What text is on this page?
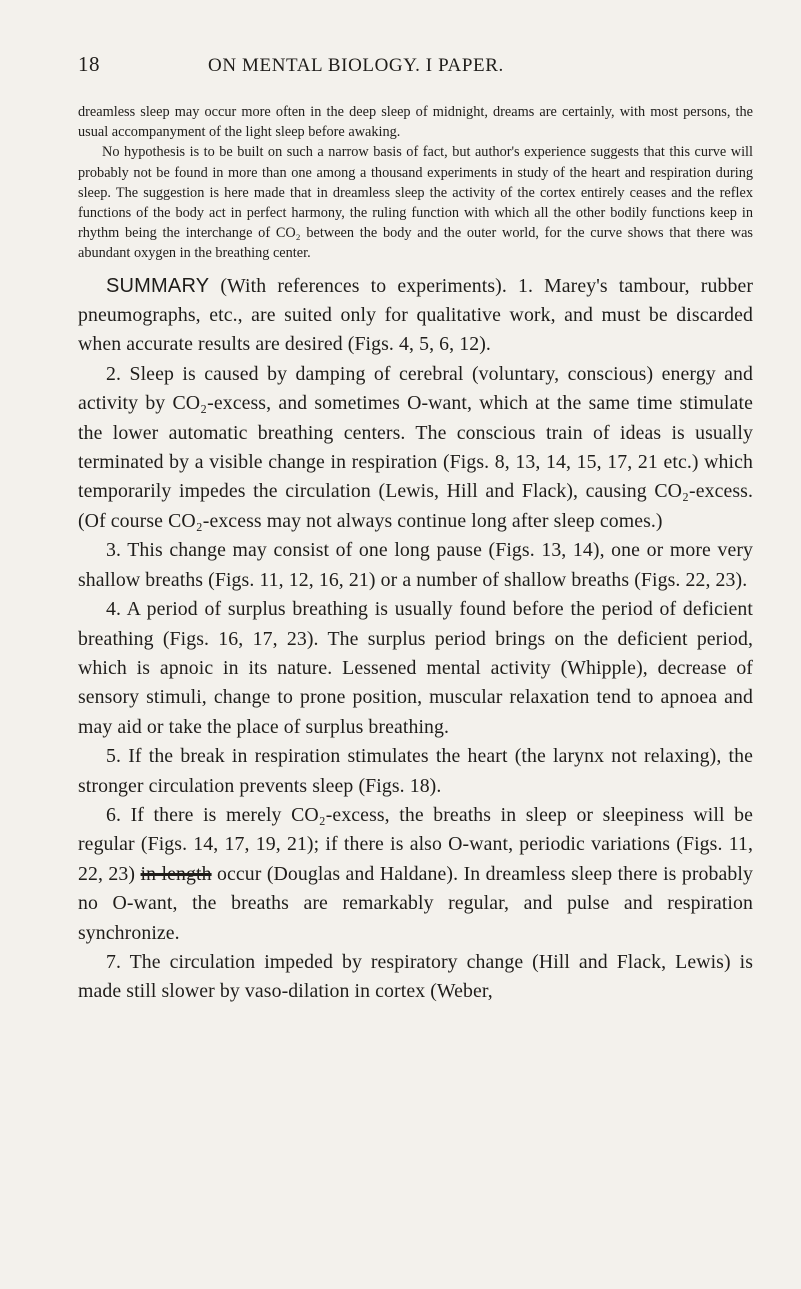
18	ON MENTAL BIOLOGY. I PAPER.

dreamless sleep may occur more often in the deep sleep of midnight, dreams are certainly, with most persons, the usual accompanyment of the light sleep before awaking.

No hypothesis is to be built on such a narrow basis of fact, but author's experience suggests that this curve will probably not be found in more than one among a thousand experiments in study of the heart and respiration during sleep. The suggestion is here made that in dreamless sleep the activity of the cortex entirely ceases and the reflex functions of the body act in perfect harmony, the ruling function with which all the other bodily functions keep in rhythm being the interchange of CO₂ between the body and the outer world, for the curve shows that there was abundant oxygen in the breathing center.

SUMMARY (With references to experiments). 1. Marey's tambour, rubber pneumographs, etc., are suited only for qualitative work, and must be discarded when accurate results are desired (Figs. 4, 5, 6, 12).

2. Sleep is caused by damping of cerebral (voluntary, conscious) energy and activity by CO₂-excess, and sometimes O-want, which at the same time stimulate the lower automatic breathing centers. The conscious train of ideas is usually terminated by a visible change in respiration (Figs. 8, 13, 14, 15, 17, 21 etc.) which temporarily impedes the circulation (Lewis, Hill and Flack), causing CO₂-excess. (Of course CO₂-excess may not always continue long after sleep comes.)

3. This change may consist of one long pause (Figs. 13, 14), one or more very shallow breaths (Figs. 11, 12, 16, 21) or a number of shallow breaths (Figs. 22, 23).

4. A period of surplus breathing is usually found before the period of deficient breathing (Figs. 16, 17, 23). The surplus period brings on the deficient period, which is apnoic in its nature. Lessened mental activity (Whipple), decrease of sensory stimuli, change to prone position, muscular relaxation tend to apnoea and may aid or take the place of surplus breathing.

5. If the break in respiration stimulates the heart (the larynx not relaxing), the stronger circulation prevents sleep (Figs. 18).

6. If there is merely CO₂-excess, the breaths in sleep or sleepiness will be regular (Figs. 14, 17, 19, 21); if there is also O-want, periodic variations (Figs. 11, 22, 23) in length occur (Douglas and Haldane). In dreamless sleep there is probably no O-want, the breaths are remarkably regular, and pulse and respiration synchronize.

7. The circulation impeded by respiratory change (Hill and Flack, Lewis) is made still slower by vaso-dilation in cortex (Weber,
